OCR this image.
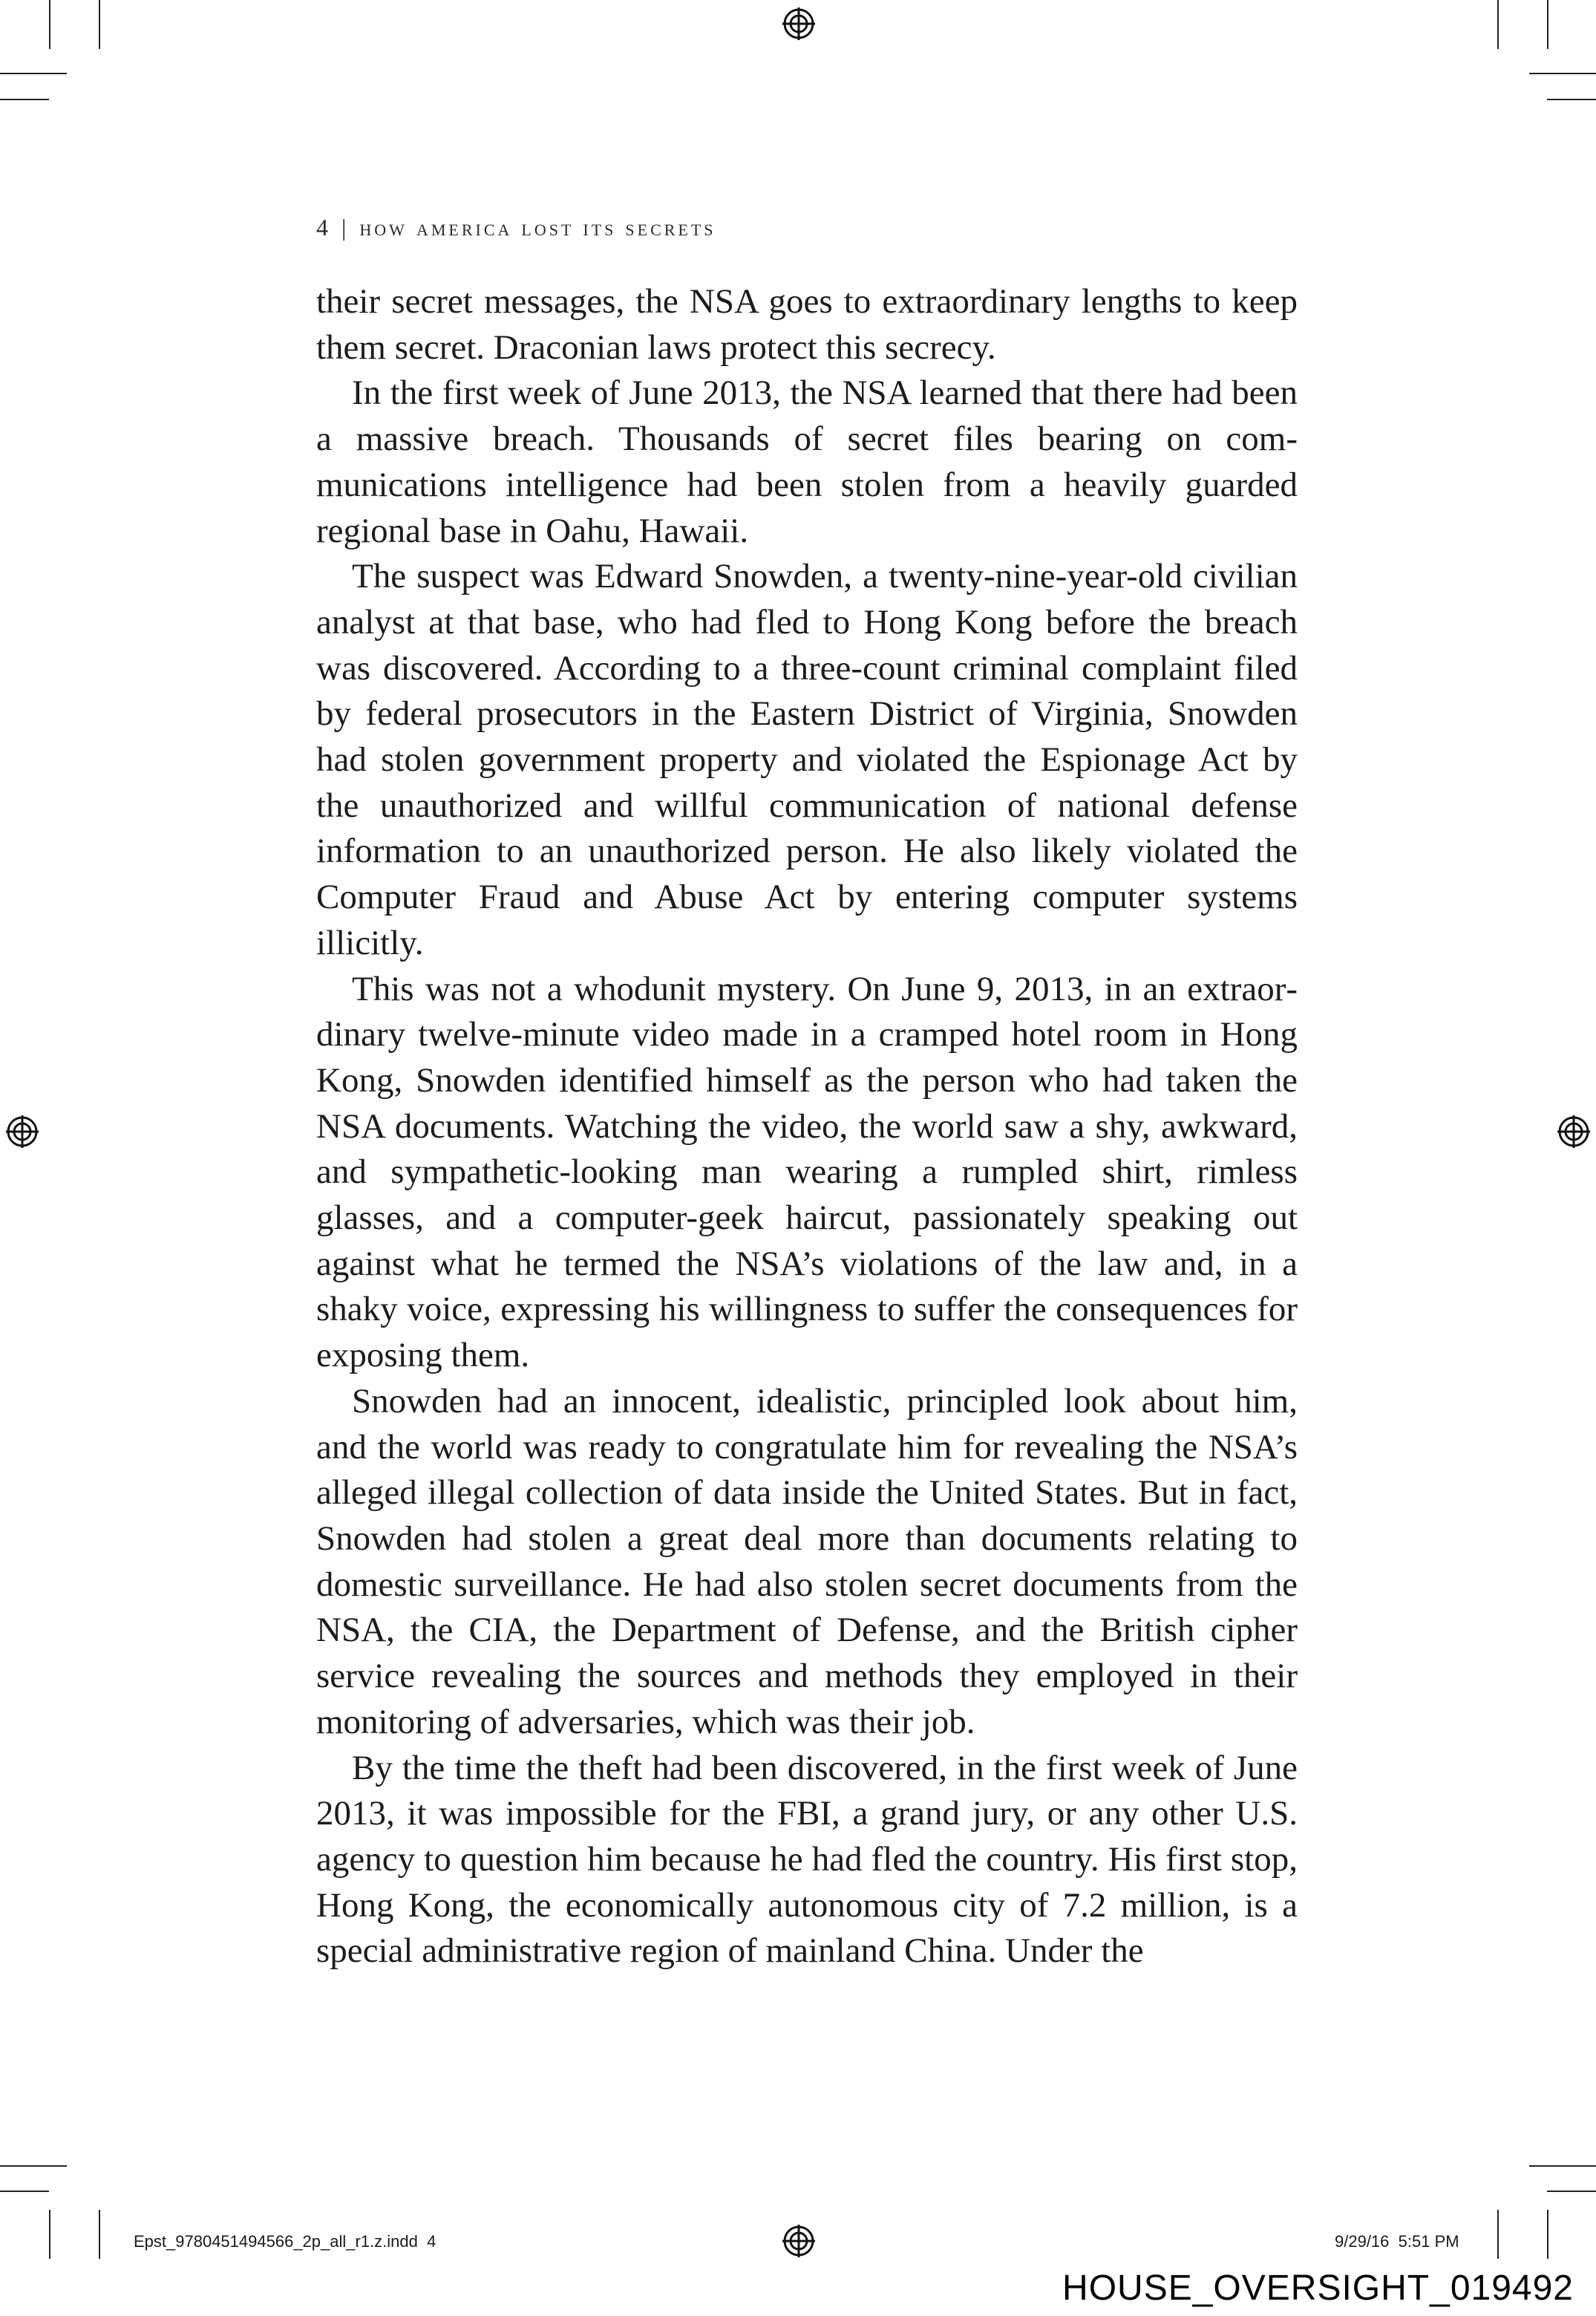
4 | how america lost its secrets

their secret messages, the NSA goes to extraordinary lengths to keep them secret. Draconian laws protect this secrecy.

In the first week of June 2013, the NSA learned that there had been a massive breach. Thousands of secret files bearing on communications intelligence had been stolen from a heavily guarded regional base in Oahu, Hawaii.

The suspect was Edward Snowden, a twenty-nine-year-old civilian analyst at that base, who had fled to Hong Kong before the breach was discovered. According to a three-count criminal complaint filed by federal prosecutors in the Eastern District of Virginia, Snowden had stolen government property and violated the Espionage Act by the unauthorized and willful communication of national defense information to an unauthorized person. He also likely violated the Computer Fraud and Abuse Act by entering computer systems illicitly.

This was not a whodunit mystery. On June 9, 2013, in an extraordinary twelve-minute video made in a cramped hotel room in Hong Kong, Snowden identified himself as the person who had taken the NSA documents. Watching the video, the world saw a shy, awkward, and sympathetic-looking man wearing a rumpled shirt, rimless glasses, and a computer-geek haircut, passionately speaking out against what he termed the NSA’s violations of the law and, in a shaky voice, expressing his willingness to suffer the consequences for exposing them.

Snowden had an innocent, idealistic, principled look about him, and the world was ready to congratulate him for revealing the NSA’s alleged illegal collection of data inside the United States. But in fact, Snowden had stolen a great deal more than documents relating to domestic surveillance. He had also stolen secret documents from the NSA, the CIA, the Department of Defense, and the British cipher service revealing the sources and methods they employed in their monitoring of adversaries, which was their job.

By the time the theft had been discovered, in the first week of June 2013, it was impossible for the FBI, a grand jury, or any other U.S. agency to question him because he had fled the country. His first stop, Hong Kong, the economically autonomous city of 7.2 million, is a special administrative region of mainland China. Under the

Epst_9780451494566_2p_all_r1.z.indd 4	9/29/16 5:51 PM
HOUSE_OVERSIGHT_019492
